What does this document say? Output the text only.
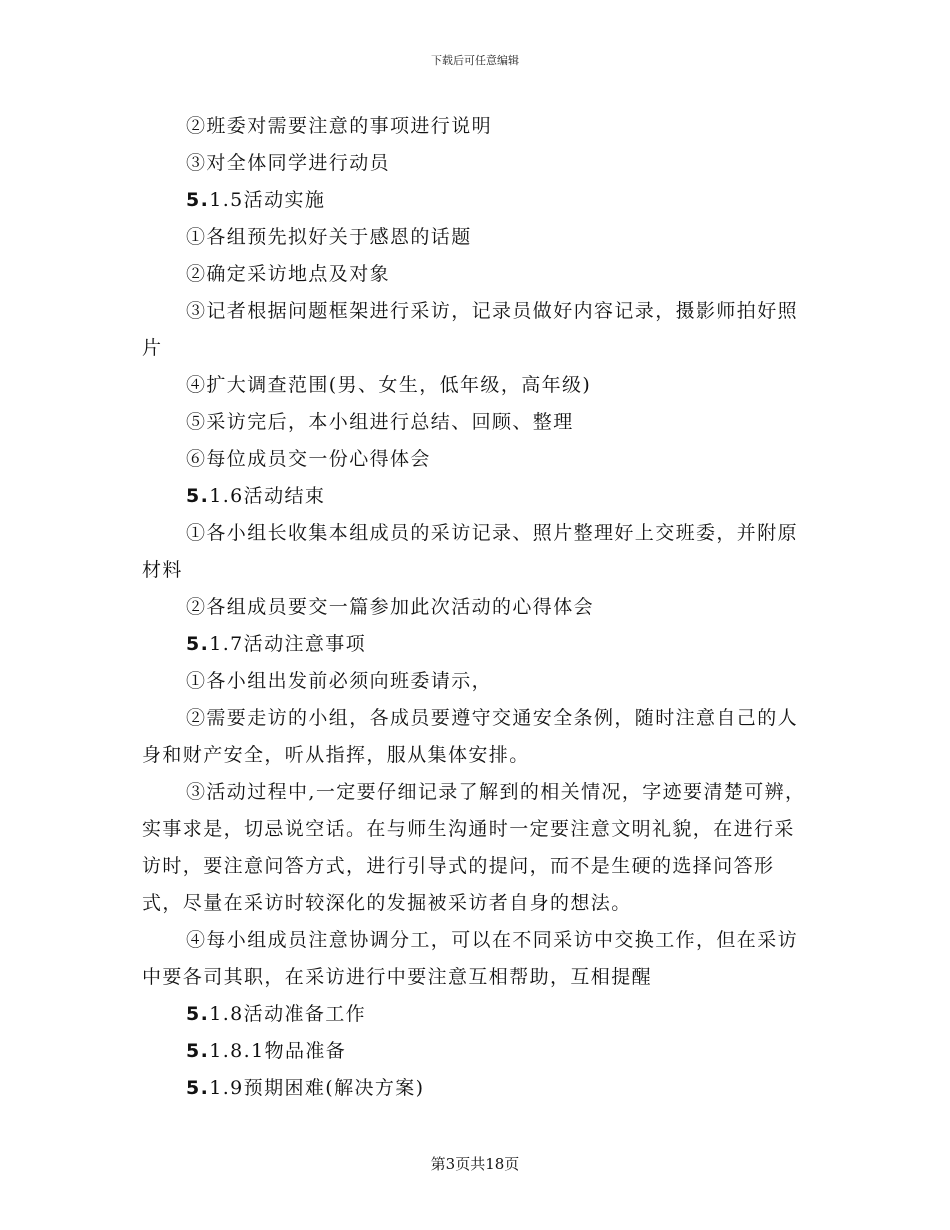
下载后可任意编辑

②班委对需要注意的事项进行说明

③对全体同学进行动员

5.1.5活动实施

①各组预先拟好关于感恩的话题

②确定采访地点及对象

③记者根据问题框架进行采访，记录员做好内容记录，摄影师拍好照片

④扩大调查范围(男、女生，低年级，高年级)

⑤采访完后，本小组进行总结、回顾、整理

⑥每位成员交一份心得体会

5.1.6活动结束

①各小组长收集本组成员的采访记录、照片整理好上交班委，并附原材料

②各组成员要交一篇参加此次活动的心得体会

5.1.7活动注意事项

①各小组出发前必须向班委请示，

②需要走访的小组，各成员要遵守交通安全条例，随时注意自己的人身和财产安全，听从指挥，服从集体安排。

③活动过程中,一定要仔细记录了解到的相关情况，字迹要清楚可辨，实事求是，切忌说空话。在与师生沟通时一定要注意文明礼貌，在进行采访时，要注意问答方式，进行引导式的提问，而不是生硬的选择问答形式，尽量在采访时较深化的发掘被采访者自身的想法。

④每小组成员注意协调分工，可以在不同采访中交换工作，但在采访中要各司其职，在采访进行中要注意互相帮助，互相提醒

5.1.8活动准备工作

5.1.8.1物品准备

5.1.9预期困难(解决方案)

第3页共18页
